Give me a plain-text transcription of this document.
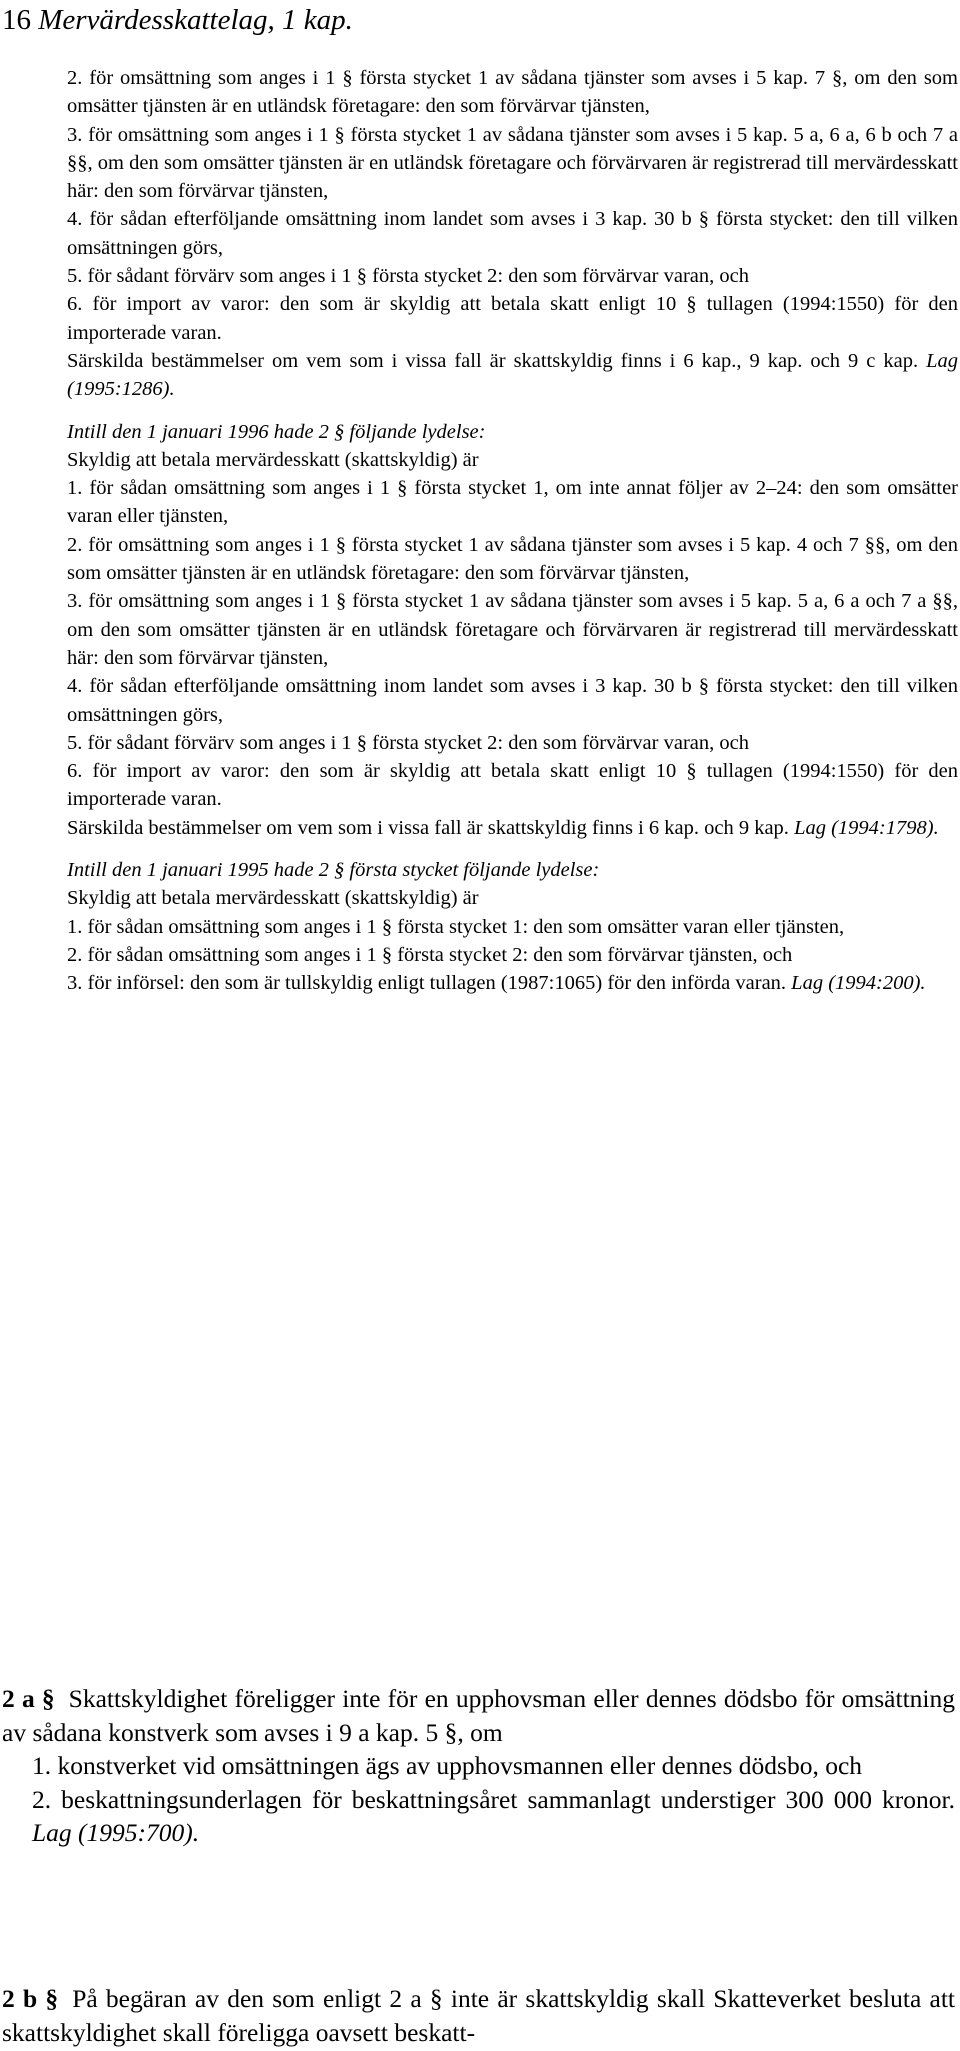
16 Mervärdesskattelag, 1 kap.

2. för omsättning som anges i 1 § första stycket 1 av sådana tjänster som avses i 5 kap. 7 §, om den som omsätter tjänsten är en utländsk företagare: den som förvärvar tjänsten,

3. för omsättning som anges i 1 § första stycket 1 av sådana tjänster som avses i 5 kap. 5 a, 6 a, 6 b och 7 a §§, om den som omsätter tjänsten är en utländsk företagare och förvärvaren är registrerad till mervärdesskatt här: den som förvärvar tjänsten,

4. för sådan efterföljande omsättning inom landet som avses i 3 kap. 30 b § första stycket: den till vilken omsättningen görs,

5. för sådant förvärv som anges i 1 § första stycket 2: den som förvärvar varan, och

6. för import av varor: den som är skyldig att betala skatt enligt 10 § tullagen (1994:1550) för den importerade varan.

Särskilda bestämmelser om vem som i vissa fall är skattskyldig finns i 6 kap., 9 kap. och 9 c kap. Lag (1995:1286).

Intill den 1 januari 1996 hade 2 § följande lydelse:

Skyldig att betala mervärdesskatt (skattskyldig) är

1. för sådan omsättning som anges i 1 § första stycket 1, om inte annat följer av 2–24: den som omsätter varan eller tjänsten,

2. för omsättning som anges i 1 § första stycket 1 av sådana tjänster som avses i 5 kap. 4 och 7 §§, om den som omsätter tjänsten är en utländsk företagare: den som förvärvar tjänsten,

3. för omsättning som anges i 1 § första stycket 1 av sådana tjänster som avses i 5 kap. 5 a, 6 a och 7 a §§, om den som omsätter tjänsten är en utländsk företagare och förvärvaren är registrerad till mervärdesskatt här: den som förvärvar tjänsten,

4. för sådan efterföljande omsättning inom landet som avses i 3 kap. 30 b § första stycket: den till vilken omsättningen görs,

5. för sådant förvärv som anges i 1 § första stycket 2: den som förvärvar varan, och

6. för import av varor: den som är skyldig att betala skatt enligt 10 § tullagen (1994:1550) för den importerade varan.

Särskilda bestämmelser om vem som i vissa fall är skattskyldig finns i 6 kap. och 9 kap. Lag (1994:1798).

Intill den 1 januari 1995 hade 2 § första stycket följande lydelse:

Skyldig att betala mervärdesskatt (skattskyldig) är

1. för sådan omsättning som anges i 1 § första stycket 1: den som omsätter varan eller tjänsten,

2. för sådan omsättning som anges i 1 § första stycket 2: den som förvärvar tjänsten, och

3. för införsel: den som är tullskyldig enligt tullagen (1987:1065) för den införda varan. Lag (1994:200).

2 a § Skattskyldighet föreligger inte för en upphovsman eller dennes dödsbo för omsättning av sådana konstverk som avses i 9 a kap. 5 §, om

1. konstverket vid omsättningen ägs av upphovsmannen eller dennes dödsbo, och

2. beskattningsunderlagen för beskattningsåret sammanlagt understiger 300 000 kronor. Lag (1995:700).

2 b § På begäran av den som enligt 2 a § inte är skattskyldig skall Skatteverket besluta att skattskyldighet skall föreligga oavsett beskatt-
